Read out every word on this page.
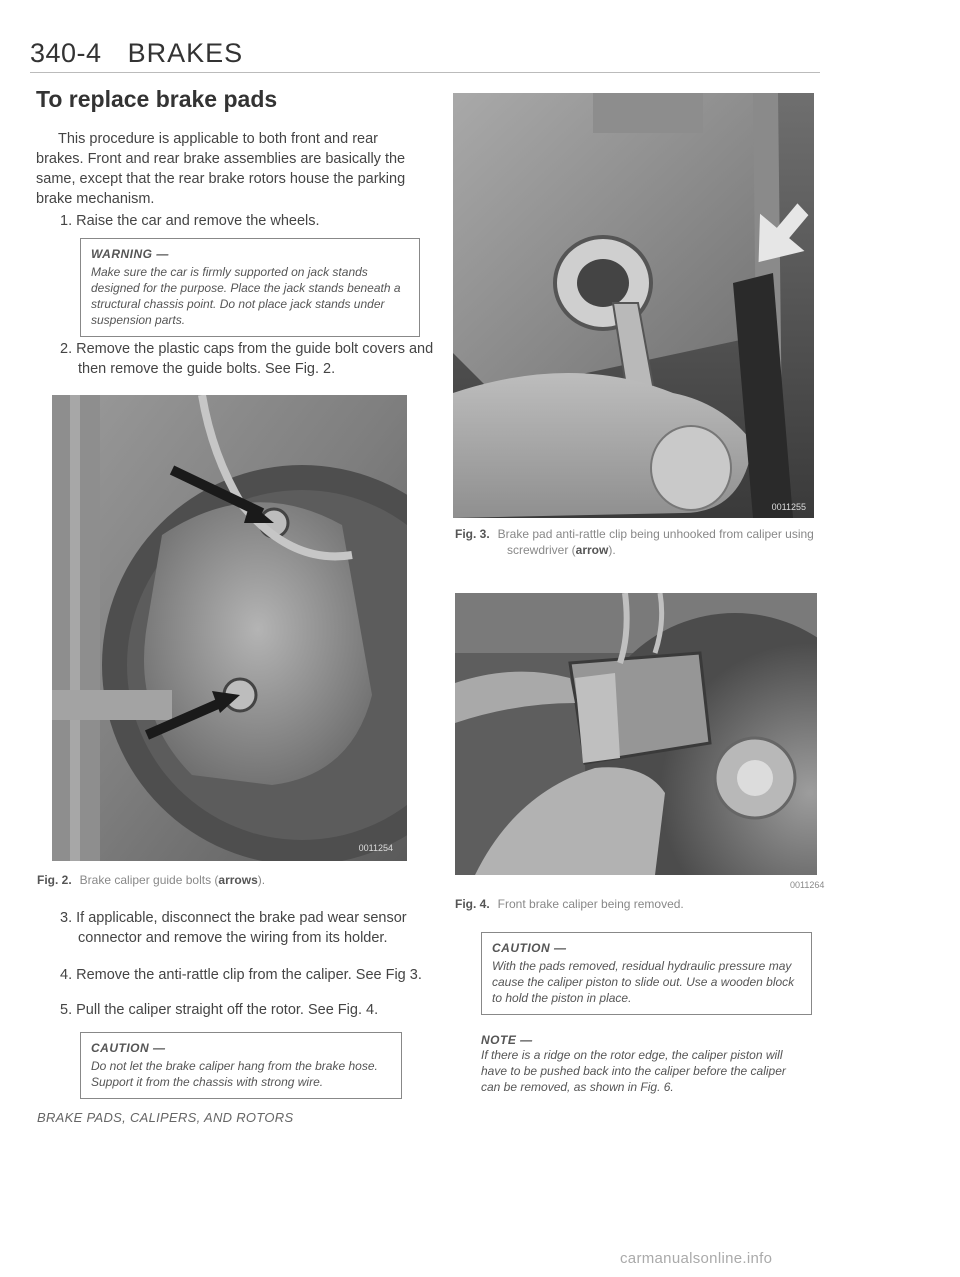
340-4 BRAKES
To replace brake pads

This procedure is applicable to both front and rear brakes. Front and rear brake assemblies are basically the same, except that the rear brake rotors house the parking brake mechanism.

1. Raise the car and remove the wheels.

WARNING —
Make sure the car is firmly supported on jack stands designed for the purpose. Place the jack stands beneath a structural chassis point. Do not place jack stands under suspension parts.

2. Remove the plastic caps from the guide bolt covers and then remove the guide bolts. See Fig. 2.

0011254

Fig. 2. Brake caliper guide bolts (arrows).

3. If applicable, disconnect the brake pad wear sensor connector and remove the wiring from its holder.

4. Remove the anti-rattle clip from the caliper. See Fig 3.

5. Pull the caliper straight off the rotor. See Fig. 4.

CAUTION —
Do not let the brake caliper hang from the brake hose. Support it from the chassis with strong wire.
0011255

Fig. 3. Brake pad anti-rattle clip being unhooked from caliper using screwdriver (arrow).

0011264

Fig. 4. Front brake caliper being removed.

CAUTION —
With the pads removed, residual hydraulic pressure may cause the caliper piston to slide out. Use a wooden block to hold the piston in place.
NOTE —
If there is a ridge on the rotor edge, the caliper piston will have to be pushed back into the caliper before the caliper can be removed, as shown in Fig. 6.
BRAKE PADS, CALIPERS, AND ROTORS
carmanualsonline.info
